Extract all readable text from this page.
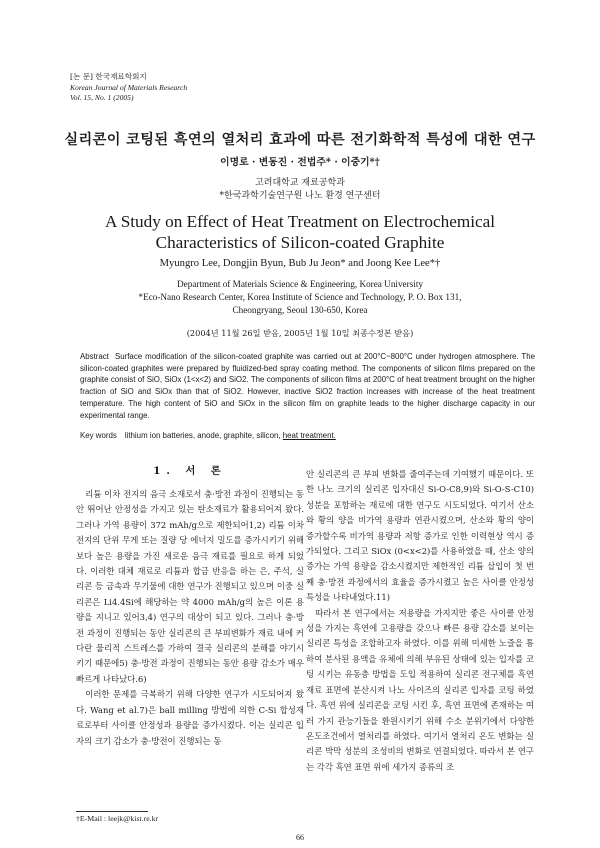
[논 문] 한국재료학회지
Korean Journal of Materials Research
Vol. 15, No. 1 (2005)
실리콘이 코팅된 흑연의 열처리 효과에 따른 전기화학적 특성에 대한 연구
이명로 · 변동진 · 전법주* · 이중기*†
고려대학교 재료공학과
*한국과학기술연구원 나노 환경 연구센터
A Study on Effect of Heat Treatment on Electrochemical
Characteristics of Silicon-coated Graphite
Myungro Lee, Dongjin Byun, Bub Ju Jeon* and Joong Kee Lee*†
Department of Materials Science & Engineering, Korea University
*Eco-Nano Research Center, Korea Institute of Science and Technology, P. O. Box 131,
Cheongryang, Seoul 130-650, Korea
(2004년 11월 26일 받음, 2005년 1월 10일 최종수정본 받음)
Abstract Surface modification of the silicon-coated graphite was carried out at 200°C~800°C under hydrogen atmosphere. The silicon-coated graphites were prepared by fluidized-bed spray coating method. The components of silicon films prepared on the graphite consist of SiO, SiOx (1<x<2) and SiO2. The components of silicon films at 200°C of heat treatment brought on the higher fraction of SiO and SiOx than that of SiO2. However, inactive SiO2 fraction increases with increase of the heat treatment temperature. The high content of SiO and SiOx in the silicon film on graphite leads to the higher discharge capacity in our experimental range.
Key words lithium ion batteries, anode, graphite, silicon, heat treatment.
1. 서 론

리튬 이차 전지의 음극 소재로서 충·방전 과정이 진행되는 동안 뛰어난 안정성을 가지고 있는 탄소재료가 활용되어져 왔다. 그러나 가역 용량이 372 mAh/g으로 제한되어1,2) 리튬 이차 전지의 단위 무게 또는 질량 당 에너지 밀도를 증가시키기 위해 보다 높은 용량을 가진 새로운 음극 재료를 필요로 하게 되었다. 이러한 대체 재료로 리튬과 합금 반응을 하는 은, 주석, 실리콘 등 금속과 무기물에 대한 연구가 진행되고 있으며 이중 실리콘은 Li4.4Si에 해당하는 약 4000 mAh/g의 높은 이론 용량을 지니고 있어3,4) 연구의 대상이 되고 있다. 그러나 충·방전 과정이 진행되는 동안 실리콘의 큰 부피변화가 재료 내에 커다란 물리적 스트레스를 가하여 결국 실리콘의 분해를 야기시키기 때문에5) 충·방전 과정이 진행되는 동안 용량 감소가 매우 빠르게 나타났다.6)

이러한 문제를 극복하기 위해 다양한 연구가 시도되어져 왔다. Wang et al.7)은 ball milling 방법에 의한 C-Si 합성재료로부터 사이클 안정성과 용량을 증가시켰다. 이는 실리콘 입자의 크기 감소가 충·방전이 진행되는 동

안 실리콘의 큰 부피 변화를 줄여주는데 기여했기 때문이다. 또한 나노 크기의 실리콘 입자대신 Si-O-C8,9)와 Si-O-S-C10) 성분을 포함하는 재료에 대한 연구도 시도되었다. 여기서 산소와 황의 양을 비가역 용량과 연관시켰으며, 산소와 황의 양이 증가할수록 비가역 용량과 저항 증가로 인한 이력현상 역시 증가되었다. 그리고 SiOx (0<x<2)를 사용하였을 때, 산소 양의 증가는 가역 용량을 감소시켰지만 제한적인 리튬 삽입이 첫 번째 충·방전 과정에서의 효율을 증가시켰고 높은 사이클 안정성 특성을 나타내었다.11)

따라서 본 연구에서는 저용량을 가지지만 좋은 사이클 안정성을 가지는 흑연에 고용량을 갖으나 빠른 용량 감소를 보이는 실리콘 특성을 조합하고자 하였다. 이를 위해 미세한 노즐을 통하여 분사된 용액을 유체에 의해 부유된 상태에 있는 입자를 코팅 시키는 유동층 방법을 도입 적용하여 실리콘 전구체를 흑연 재료 표면에 분산시켜 나노 사이즈의 실리콘 입자를 코팅 하였다. 흑연 위에 실리콘을 코팅 시킨 후, 흑연 표면에 존재하는 여러 가지 관능기들을 환원시키기 위해 수소 분위기에서 다양한 온도조건에서 열처리를 하였다. 여기서 열처리 온도 변화는 실리콘 박막 성분의 조성비의 변화로 연결되었다. 따라서 본 연구는 각각 흑연 표면 위에 세가지 종류의 조

†E-Mail : leejk@kist.re.kr
66
